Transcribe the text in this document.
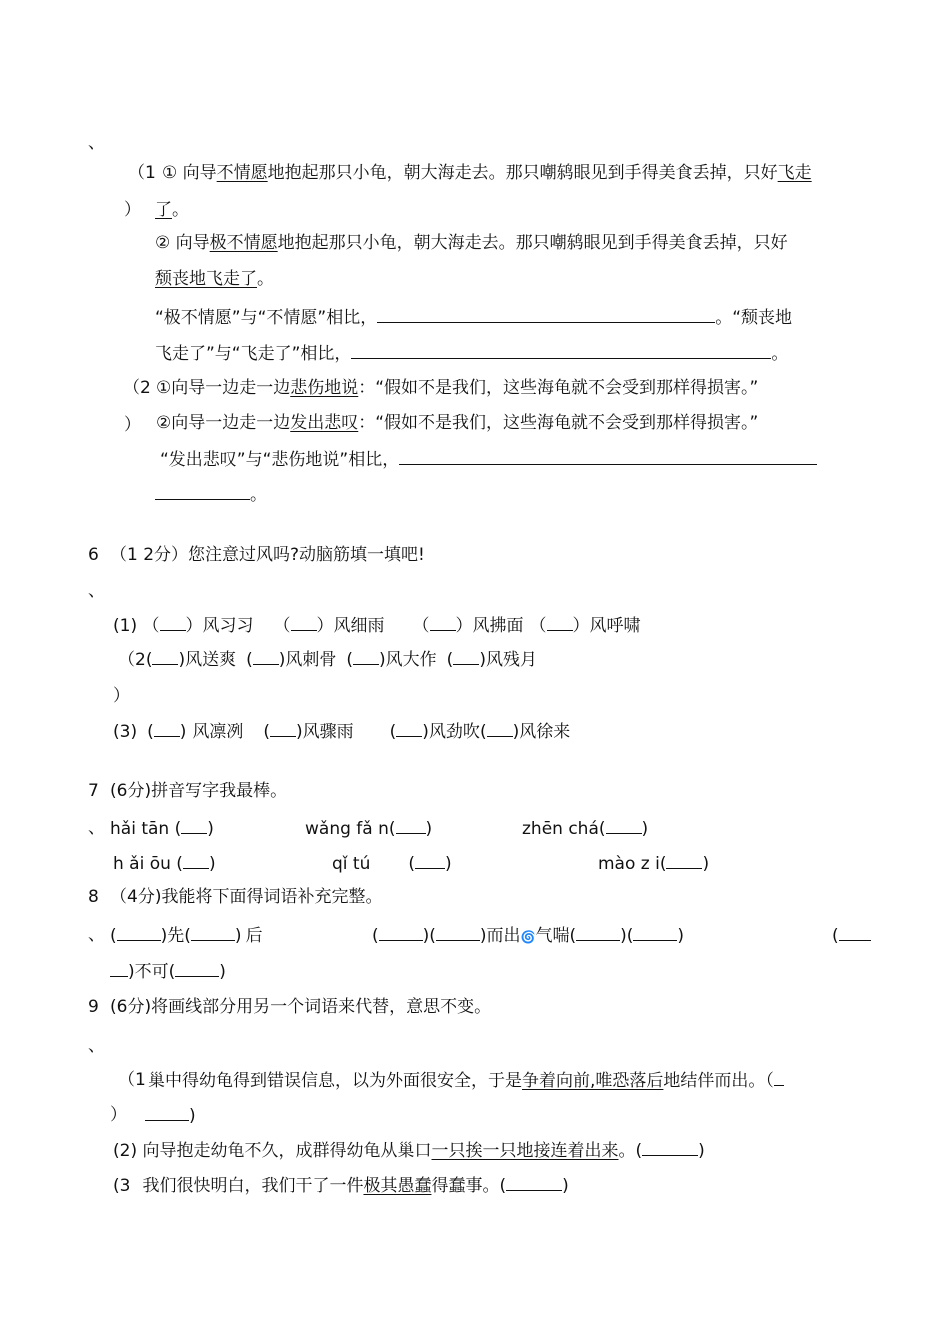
、
（1
）
① 向导不情愿地抱起那只小龟，朝大海走去。那只嘲鸫眼见到手得美食丢掉，只好飞走
了。
② 向导极不情愿地抱起那只小龟，朝大海走去。那只嘲鸫眼见到手得美食丢掉，只好
颓丧地飞走了。
“极不情愿”与“不情愿”相比，	。“颓丧地
飞走了”与“飞走了”相比，	。
（2
）
①向导一边走一边悲伤地说：“假如不是我们，这些海龟就不会受到那样得损害。”
②向导一边走一边发出悲叹：“假如不是我们，这些海龟就不会受到那样得损害。”
“发出悲叹”与“悲伤地说”相比，
。
6 （1 2分）您注意过风吗?动脑筋填一填吧!
、
(1) （ ）风习习 （ ）风细雨 （ ）风拂面 （ ）风呼啸
（2( )风送爽 ( )风刺骨 ( )风大作 ( )风残月
）
(3) ( ) 风凛冽 ( )风骤雨 ( )风劲吹( )风徐来
7 (6分)拼音写字我最棒。
、 hǎi tān ( )	wǎng fǎ n( )	zhēn chá( )
h ǎi ōu ( )	qǐ tú ( )	mào z i( )
8 （4分)我能将下面得词语补充完整。
、 (	)先(	) 后	(	)(	)而出🌀气喘(	)(	)	(
)不可(	)
9 (6分)将画线部分用另一个词语来代替，意思不变。
、
（1
）
巢中得幼龟得到错误信息，以为外面很安全，于是争着向前,唯恐落后地结伴而出。（
)
(2) 向导抱走幼龟不久，成群得幼龟从巢口一只挨一只地接连着出来。(	)
(3 我们很快明白，我们干了一件极其愚蠢得蠢事。(	)
